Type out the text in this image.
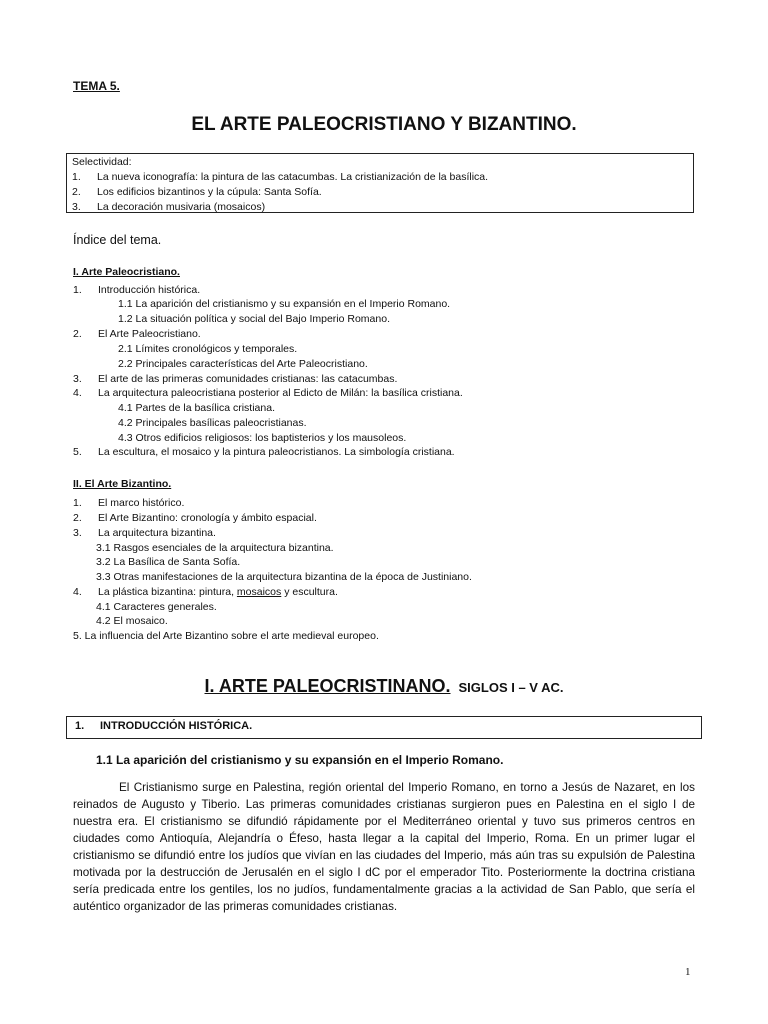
TEMA 5.
EL ARTE PALEOCRISTIANO Y BIZANTINO.
Selectividad:
1. La nueva iconografía: la pintura de las catacumbas. La cristianización de la basílica.
2. Los edificios bizantinos y la cúpula: Santa Sofía.
3. La decoración musivaria (mosaicos)
Índice del tema.
I. Arte Paleocristiano.
1. Introducción histórica.
1.1 La aparición del cristianismo y su expansión en el Imperio Romano.
1.2 La situación política y social del Bajo Imperio Romano.
2. El Arte Paleocristiano.
2.1 Límites cronológicos y temporales.
2.2 Principales características del Arte Paleocristiano.
3. El arte de las primeras comunidades cristianas: las catacumbas.
4. La arquitectura paleocristiana posterior al Edicto de Milán: la basílica cristiana.
4.1 Partes de la basílica cristiana.
4.2 Principales basílicas paleocristianas.
4.3 Otros edificios religiosos: los baptisterios y los mausoleos.
5. La escultura, el mosaico y la pintura paleocristianos. La simbología cristiana.
II. El Arte Bizantino.
1. El marco histórico.
2. El Arte Bizantino: cronología y ámbito espacial.
3. La arquitectura bizantina.
3.1 Rasgos esenciales de la arquitectura bizantina.
3.2 La Basílica de Santa Sofía.
3.3 Otras manifestaciones de la arquitectura bizantina de la época de Justiniano.
4. La plástica bizantina: pintura, mosaicos y escultura.
4.1 Caracteres generales.
4.2 El mosaico.
5. La influencia del Arte Bizantino sobre el arte medieval europeo.
I. ARTE PALEOCRISTINANO. SIGLOS I – V AC.
1. INTRODUCCIÓN HISTÓRICA.
1.1 La aparición del cristianismo y su expansión en el Imperio Romano.
El Cristianismo surge en Palestina, región oriental del Imperio Romano, en torno a Jesús de Nazaret, en los reinados de Augusto y Tiberio. Las primeras comunidades cristianas surgieron pues en Palestina en el siglo I de nuestra era. El cristianismo se difundió rápidamente por el Mediterráneo oriental y tuvo sus primeros centros en ciudades como Antioquía, Alejandría o Éfeso, hasta llegar a la capital del Imperio, Roma. En un primer lugar el cristianismo se difundió entre los judíos que vivían en las ciudades del Imperio, más aún tras su expulsión de Palestina motivada por la destrucción de Jerusalén en el siglo I dC por el emperador Tito. Posteriormente la doctrina cristiana sería predicada entre los gentiles, los no judíos, fundamentalmente gracias a la actividad de San Pablo, que sería el auténtico organizador de las primeras comunidades cristianas.
1
